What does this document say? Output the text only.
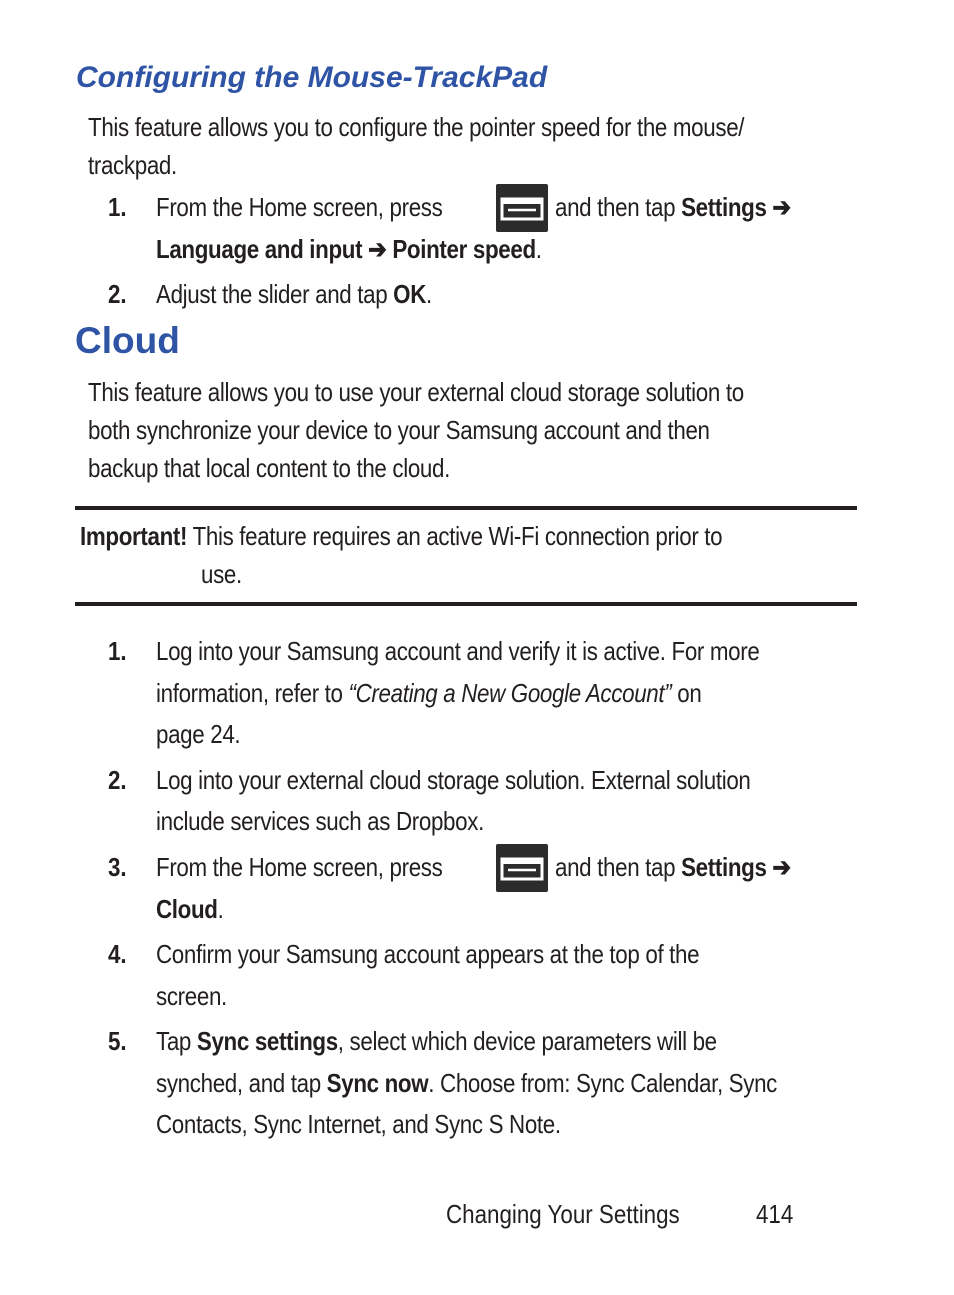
Configuring the Mouse-TrackPad
This feature allows you to configure the pointer speed for the mouse/
trackpad.
1. From the Home screen, press	and then tap Settings ➔
Language and input ➔ Pointer speed.
2. Adjust the slider and tap OK.
Cloud
This feature allows you to use your external cloud storage solution to
both synchronize your device to your Samsung account and then
backup that local content to the cloud.
Important! This feature requires an active Wi-Fi connection prior to
use.
1. Log into your Samsung account and verify it is active. For more
information, refer to “Creating a New Google Account” on
page 24.
2. Log into your external cloud storage solution. External solution
include services such as Dropbox.
3. From the Home screen, press	and then tap Settings ➔
Cloud.
4. Confirm your Samsung account appears at the top of the
screen.
5. Tap Sync settings, select which device parameters will be
synched, and tap Sync now. Choose from: Sync Calendar, Sync
Contacts, Sync Internet, and Sync S Note.
Changing Your Settings	414
